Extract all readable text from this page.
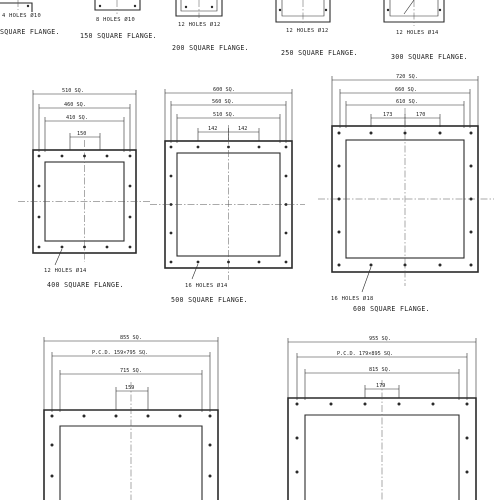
4 HOLES Ø10
SQUARE FLANGE.
8 HOLES Ø10
150 SQUARE FLANGE.
12 HOLES Ø12
200 SQUARE FLANGE.
12 HOLES Ø12
250 SQUARE FLANGE.
12 HOLES Ø14
300 SQUARE FLANGE.
510 SQ.
460 SQ.
410 SQ.
150
12 HOLES Ø14
400 SQUARE FLANGE.
600 SQ.
560 SQ.
510 SQ.
142	142
16 HOLES Ø14
500 SQUARE FLANGE.
720 SQ.
660 SQ.
610 SQ.
173	170
16 HOLES Ø18
600 SQUARE FLANGE.
855 SQ.
P.C.D. 159×795 SQ.
715 SQ.
159
955 SQ.
P.C.D. 179×895 SQ.
815 SQ.
179
